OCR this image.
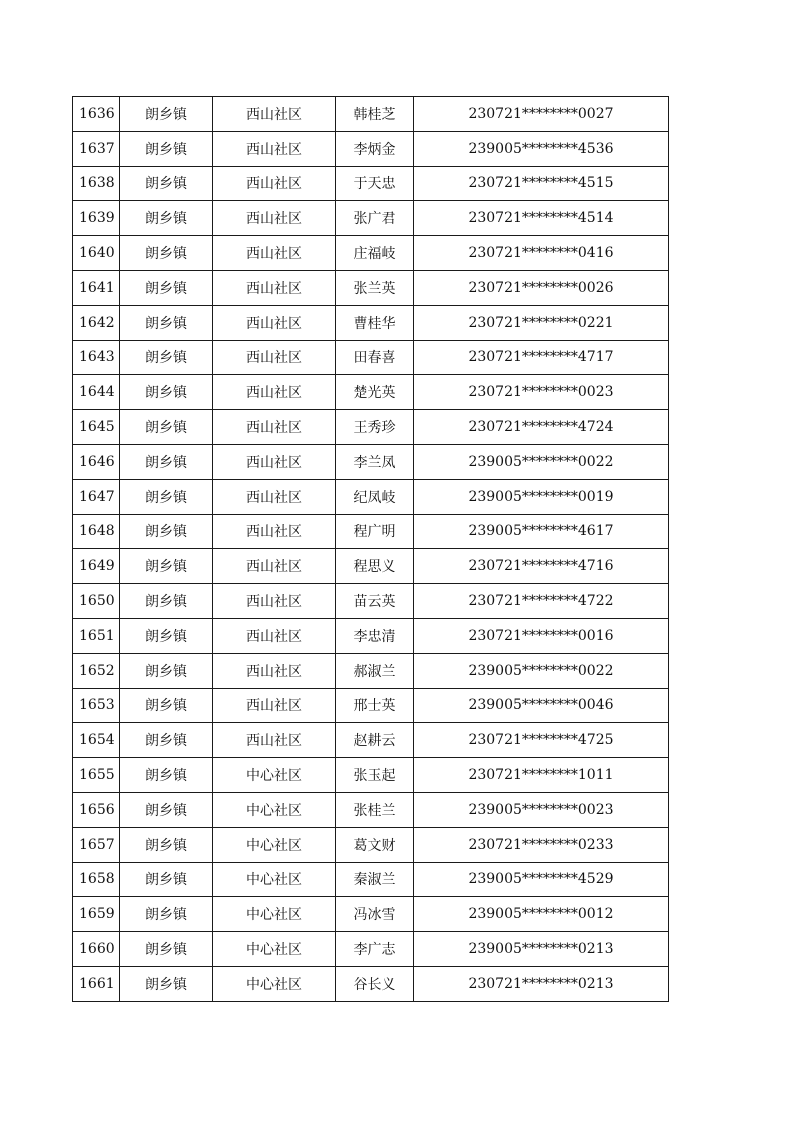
1636	朗乡镇	西山社区	韩桂芝	230721********0027
1637	朗乡镇	西山社区	李炳金	239005********4536
1638	朗乡镇	西山社区	于天忠	230721********4515
1639	朗乡镇	西山社区	张广君	230721********4514
1640	朗乡镇	西山社区	庄福岐	230721********0416
1641	朗乡镇	西山社区	张兰英	230721********0026
1642	朗乡镇	西山社区	曹桂华	230721********0221
1643	朗乡镇	西山社区	田春喜	230721********4717
1644	朗乡镇	西山社区	楚光英	230721********0023
1645	朗乡镇	西山社区	王秀珍	230721********4724
1646	朗乡镇	西山社区	李兰凤	239005********0022
1647	朗乡镇	西山社区	纪凤岐	239005********0019
1648	朗乡镇	西山社区	程广明	239005********4617
1649	朗乡镇	西山社区	程思义	230721********4716
1650	朗乡镇	西山社区	苗云英	230721********4722
1651	朗乡镇	西山社区	李忠清	230721********0016
1652	朗乡镇	西山社区	郝淑兰	239005********0022
1653	朗乡镇	西山社区	邢士英	239005********0046
1654	朗乡镇	西山社区	赵耕云	230721********4725
1655	朗乡镇	中心社区	张玉起	230721********1011
1656	朗乡镇	中心社区	张桂兰	239005********0023
1657	朗乡镇	中心社区	葛文财	230721********0233
1658	朗乡镇	中心社区	秦淑兰	239005********4529
1659	朗乡镇	中心社区	冯冰雪	239005********0012
1660	朗乡镇	中心社区	李广志	239005********0213
1661	朗乡镇	中心社区	谷长义	230721********0213
